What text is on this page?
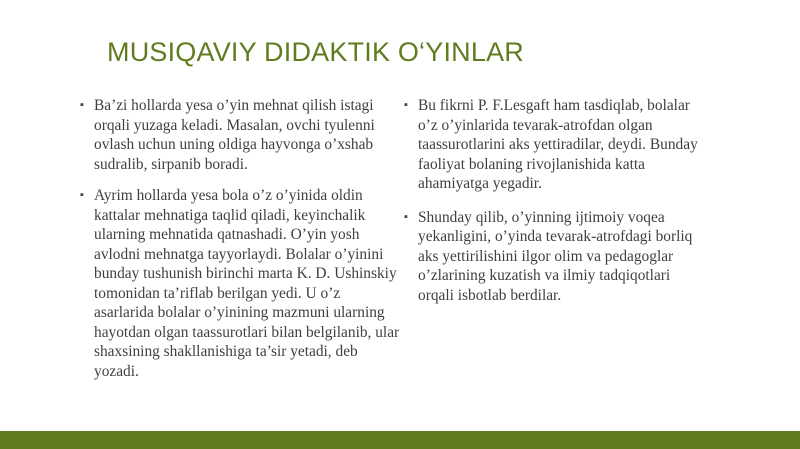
MUSIQAVIY DIDAKTIK O‘YINLAR
▪ Ba’zi hollarda yesa o’yin mehnat qilish istagi orqali yuzaga keladi. Masalan, ovchi tyulenni ovlash uchun uning oldiga hayvonga o’xshab sudralib, sirpanib boradi.
▪ Ayrim hollarda yesa bola o’z o’yinida oldin kattalar mehnatiga taqlid qiladi, keyinchalik ularning mehnatida qatnashadi. O’yin yosh avlodni mehnatga tayyorlaydi. Bolalar o’yinini bunday tushunish birinchi marta K. D. Ushinskiy tomonidan ta’riflab berilgan yedi. U o’z asarlarida bolalar o’yinining mazmuni ularning hayotdan olgan taassurotlari bilan belgilanib, ular shaxsining shakllanishiga ta’sir yetadi, deb yozadi.
▪ Bu fikrni P. F.Lesgaft ham tasdiqlab, bolalar o’z o’yinlarida tevarak-atrofdan olgan taassurotlarini aks yettiradilar, deydi. Bunday faoliyat bolaning rivojlanishida katta ahamiyatga yegadir.
▪ Shunday qilib, o’yinning ijtimoiy voqea yekanligini, o’yinda tevarak-atrofdagi borliq aks yettirilishini ilgor olim va pedagoglar o’zlarining kuzatish va ilmiy tadqiqotlari orqali isbotlab berdilar.
